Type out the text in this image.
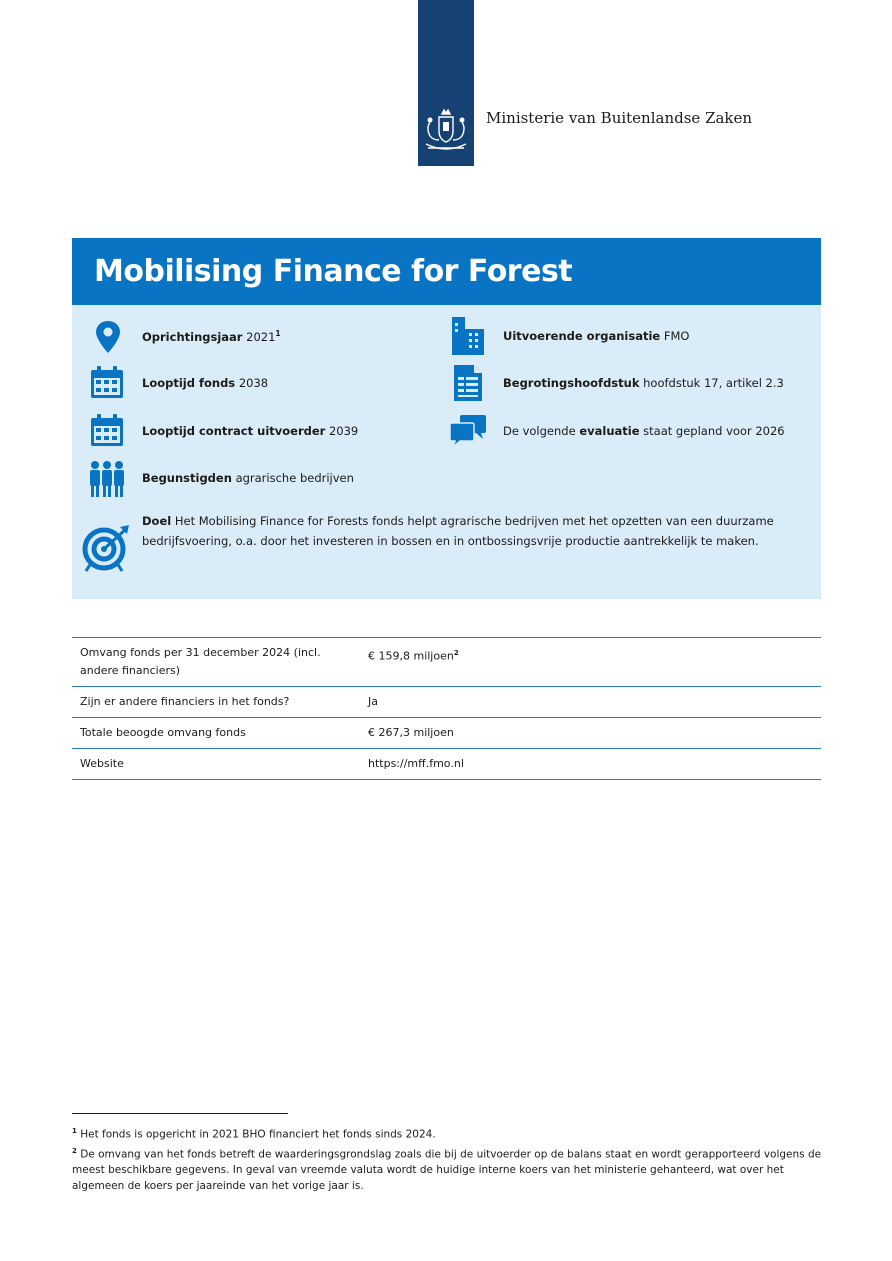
Ministerie van Buitenlandse Zaken
Mobilising Finance for Forest
Oprichtingsjaar 2021$^1$
Looptijd fonds 2038
Looptijd contract uitvoerder 2039
Begunstigden agrarische bedrijven
Doel Het Mobilising Finance for Forests fonds helpt agrarische bedrijven met het opzetten van een duurzame bedrijfsvoering, o.a. door het investeren in bossen en in ontbossingsvrije productie aantrekkelijk te maken.
Uitvoerende organisatie FMO
Begrotingshoofdstuk hoofdstuk 17, artikel 2.3
De volgende evaluatie staat gepland voor 2026
Omvang fonds per 31 december 2024 (incl. andere financiers)	€ 159,8 miljoen$^2$
Zijn er andere financiers in het fonds?	Ja
Totale beoogde omvang fonds	€ 267,3 miljoen
Website	https://mff.fmo.nl

$^1$ Het fonds is opgericht in 2021 BHO financiert het fonds sinds 2024.

$^2$ De omvang van het fonds betreft de waarderingsgrondslag zoals die bij de uitvoerder op de balans staat en wordt gerapporteerd volgens de meest beschikbare gegevens. In geval van vreemde valuta wordt de huidige interne koers van het ministerie gehanteerd, wat over het algemeen de koers per jaareinde van het vorige jaar is.
